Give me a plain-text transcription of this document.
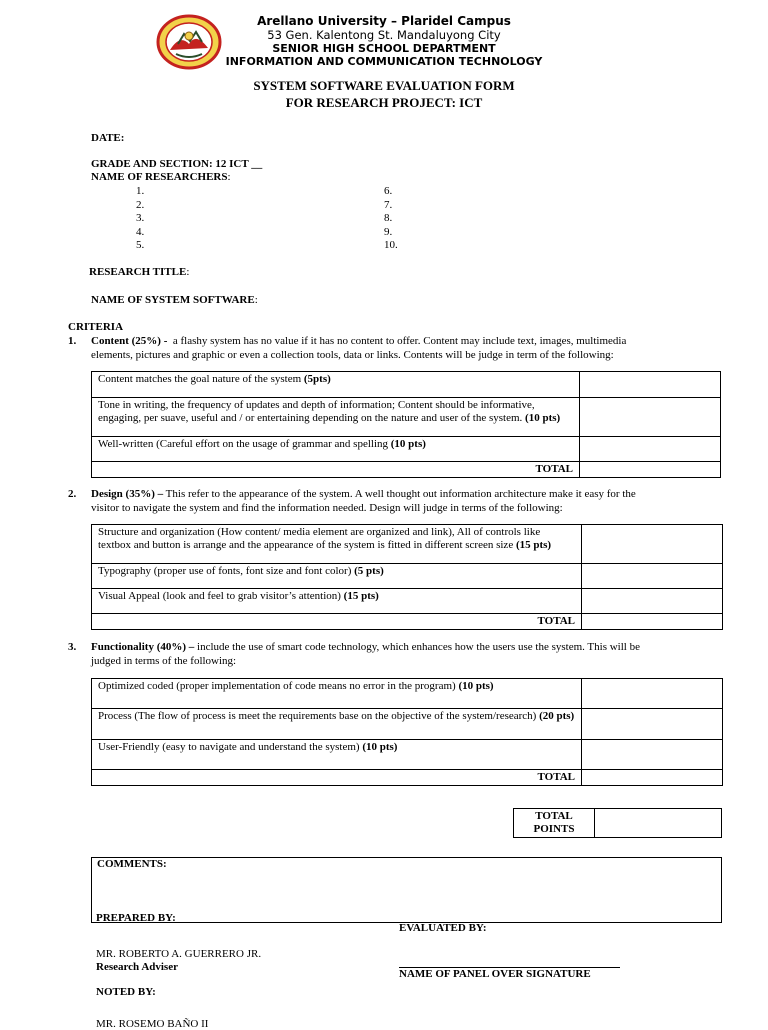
Arellano University – Plaridel Campus
53 Gen. Kalentong St. Mandaluyong City
SENIOR HIGH SCHOOL DEPARTMENT
INFORMATION AND COMMUNICATION TECHNOLOGY
SYSTEM SOFTWARE EVALUATION FORM
FOR RESEARCH PROJECT: ICT
DATE:
GRADE AND SECTION: 12 ICT __
NAME OF RESEARCHERS:
1.
2.
3.
4.
5.
6.
7.
8.
9.
10.
RESEARCH TITLE:
NAME OF SYSTEM SOFTWARE:
CRITERIA
1. Content (25%) - a flashy system has no value if it has no content to offer. Content may include text, images, multimedia
elements, pictures and graphic or even a collection tools, data or links. Contents will be judge in term of the following:
Content matches the goal nature of the system (5pts)	
Tone in writing, the frequency of updates and depth of information; Content should be informative, engaging, per suave, useful and / or entertaining depending on the nature and user of the system. (10 pts)	
Well-written (Careful effort on the usage of grammar and spelling (10 pts)	
TOTAL	
2. Design (35%) – This refer to the appearance of the system. A well thought out information architecture make it easy for the
visitor to navigate the system and find the information needed. Design will judge in terms of the following:
Structure and organization (How content/ media element are organized and link), All of controls like textbox and button is arrange and the appearance of the system is fitted in different screen size (15 pts)	
Typography (proper use of fonts, font size and font color) (5 pts)	
Visual Appeal (look and feel to grab visitor’s attention) (15 pts)	
TOTAL	
3. Functionality (40%) – include the use of smart code technology, which enhances how the users use the system. This will be
judged in terms of the following:
Optimized coded (proper implementation of code means no error in the program) (10 pts)	
Process (The flow of process is meet the requirements base on the objective of the system/research) (20 pts)	
User-Friendly (easy to navigate and understand the system) (10 pts)	
TOTAL	
TOTAL
POINTS	
COMMENTS:
PREPARED BY:
EVALUATED BY:
MR. ROBERTO A. GUERRERO JR.
Research Adviser
NAME OF PANEL OVER SIGNATURE
NOTED BY:
MR. ROSEMO BAÑO II
